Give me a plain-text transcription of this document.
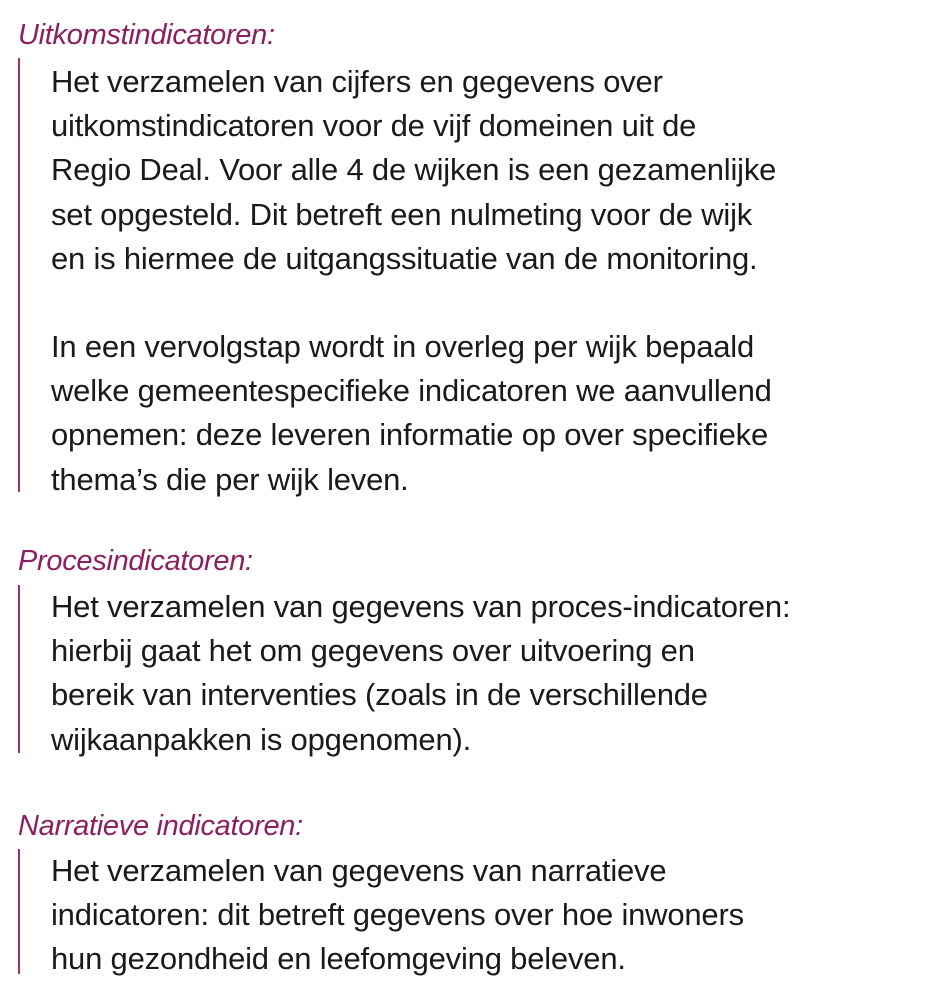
Uitkomstindicatoren:

Het verzamelen van cijfers en gegevens over
uitkomstindicatoren voor de vijf domeinen uit de
Regio Deal. Voor alle 4 de wijken is een gezamenlijke
set opgesteld. Dit betreft een nulmeting voor de wijk
en is hiermee de uitgangssituatie van de monitoring.

In een vervolgstap wordt in overleg per wijk bepaald
welke gemeentespecifieke indicatoren we aanvullend
opnemen: deze leveren informatie op over specifieke
thema’s die per wijk leven.

Procesindicatoren:

Het verzamelen van gegevens van proces-indicatoren:
hierbij gaat het om gegevens over uitvoering en
bereik van interventies (zoals in de verschillende
wijkaanpakken is opgenomen).

Narratieve indicatoren:

Het verzamelen van gegevens van narratieve
indicatoren: dit betreft gegevens over hoe inwoners
hun gezondheid en leefomgeving beleven.
